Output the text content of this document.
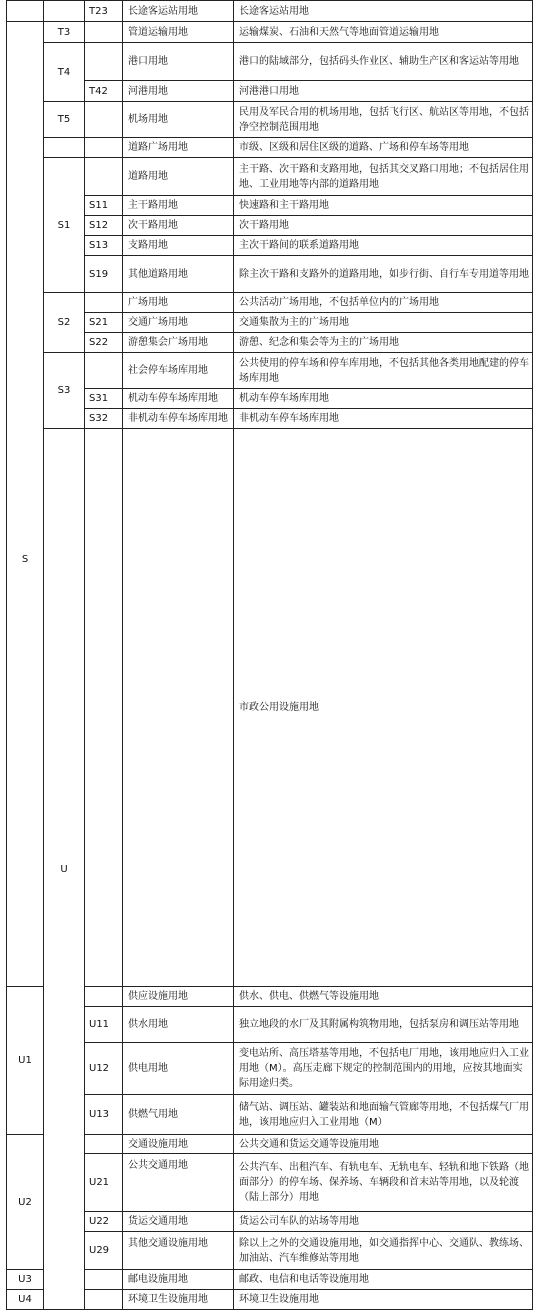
		T23	长途客运站用地	长途客运站用地	
S	T3		管道运输用地	运输煤炭、石油和天然气等地面管道运输用地	
	T4		港口用地	港口的陆域部分，包括码头作业区、辅助生产区和客运站等用地	
		T42	河港用地	河港港口用地	
	T5		机场用地	民用及军民合用的机场用地，包括飞行区、航站区等用地，不包括净空控制范围用地	
			道路广场用地	市级、区级和居住区级的道路、广场和停车场等用地	
	S1		道路用地	主干路、次干路和支路用地，包括其交叉路口用地；不包括居住用地、工业用地等内部的道路用地	
		S11	主干路用地	快速路和主干路用地	
		S12	次干路用地	次干路用地	
		S13	支路用地	主次干路间的联系道路用地	
		S19	其他道路用地	除主次干路和支路外的道路用地，如步行街、自行车专用道等用地	
	S2		广场用地	公共活动广场用地，不包括单位内的广场用地	
		S21	交通广场用地	交通集散为主的广场用地	
		S22	游憩集会广场用地	游憩、纪念和集会等为主的广场用地	
	S3		社会停车场库用地	公共使用的停车场和停车库用地，不包括其他各类用地配建的停车场库用地	
		S31	机动车停车场库用地	机动车停车场库用地	
		S32	非机动车停车场库用地	非机动车停车场库用地	
	U			市政公用设施用地	
U1			供应设施用地	供水、供电、供燃气等设施用地	
		U11	供水用地	独立地段的水厂及其附属构筑物用地，包括泵房和调压站等用地	
		U12	供电用地	变电站所、高压塔基等用地，不包括电厂用地，该用地应归入工业用地（M）。高压走廊下规定的控制范围内的用地，应按其地面实际用途归类。	
		U13	供燃气用地	储气站、调压站、罐装站和地面输气管廊等用地，不包括煤气厂用地，该用地应归入工业用地（M）	
U2			交通设施用地	公共交通和货运交通等设施用地	
		U21	公共交通用地	公共汽车、出租汽车、有轨电车、无轨电车、轻轨和地下铁路（地面部分）的停车场、保养场、车辆段和首末站等用地，以及轮渡（陆上部分）用地	
		U22	货运交通用地	货运公司车队的站场等用地	
		U29	其他交通设施用地	除以上之外的交通设施用地，如交通指挥中心、交通队、教练场、加油站、汽车维修站等用地	
U3			邮电设施用地	邮政、电信和电话等设施用地	
U4			环境卫生设施用地	环境卫生设施用地	
